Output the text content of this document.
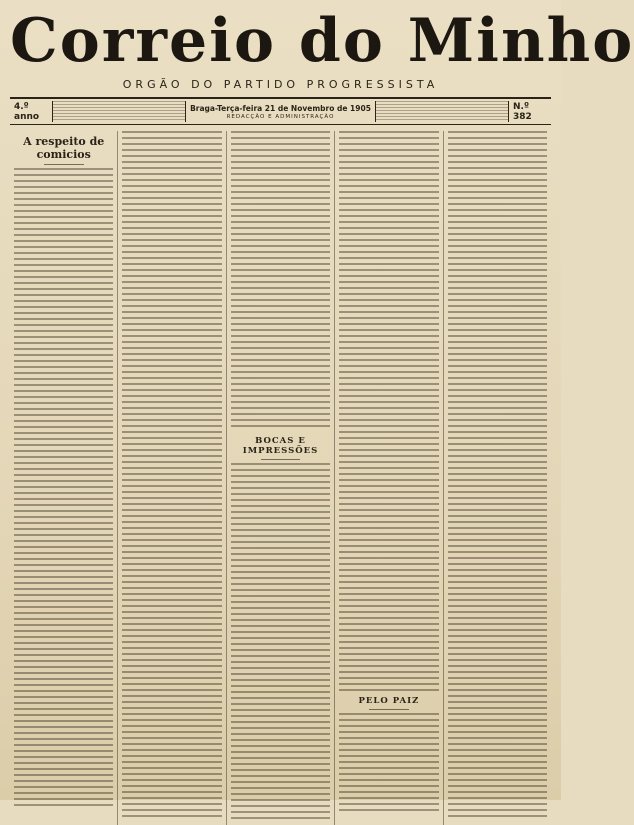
Correio do Minho
ORGÃO DO PARTIDO PROGRESSISTA
4.º anno
Braga-Terça-feira 21 de Novembro de 1905
REDACÇÃO E ADMINISTRAÇÃO
N.º 382
A respeito de comicios
BOCAS E IMPRESSÕES
PELO PAIZ
